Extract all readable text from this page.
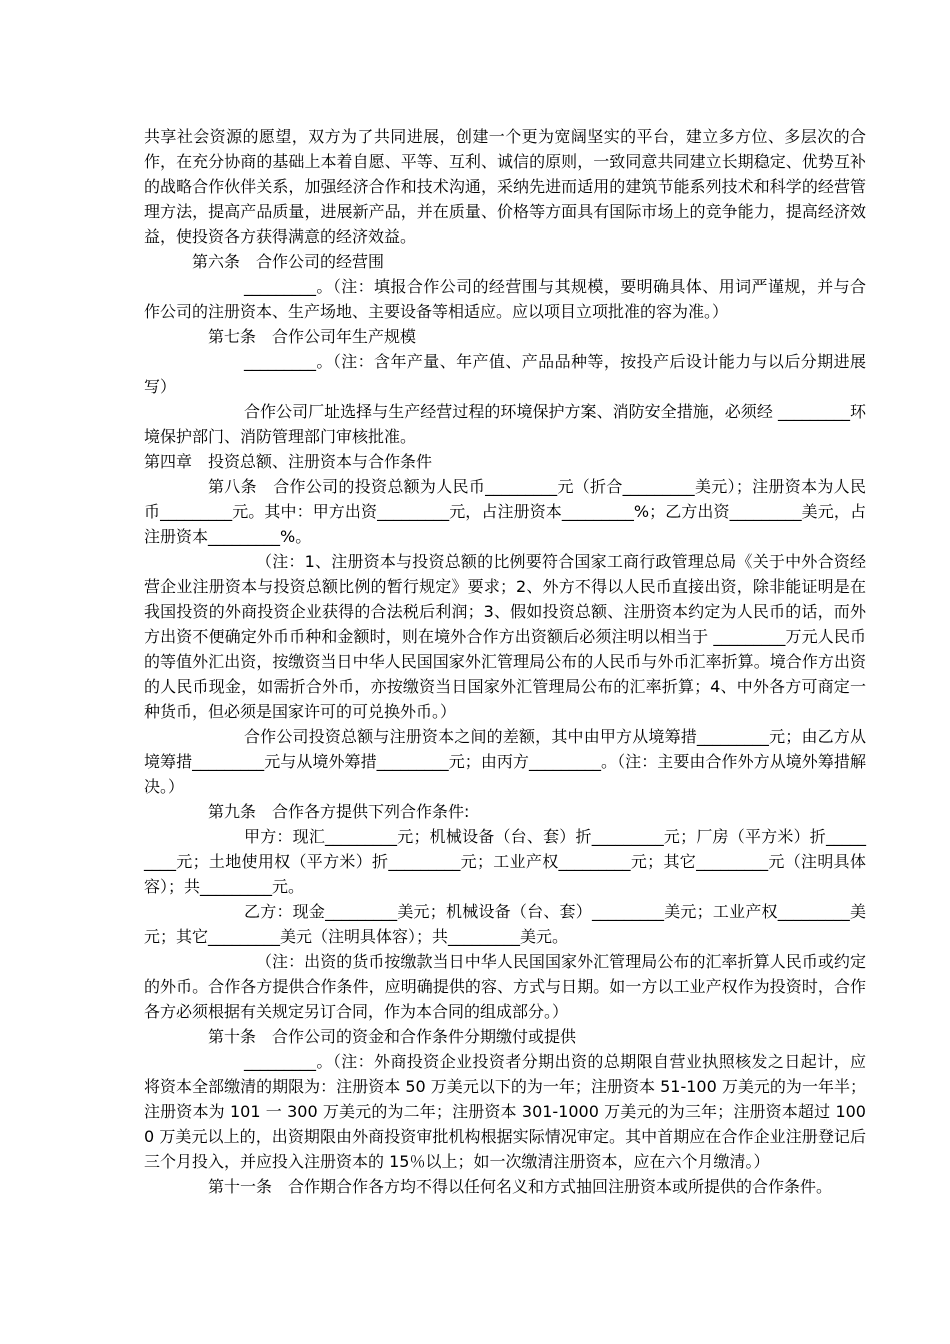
共享社会资源的愿望，双方为了共同进展，创建一个更为宽阔坚实的平台，建立多方位、多层次的合作，在充分协商的基础上本着自愿、平等、互利、诚信的原则，一致同意共同建立长期稳定、优势互补的战略合作伙伴关系，加强经济合作和技术沟通，采纳先进而适用的建筑节能系列技术和科学的经营管理方法，提高产品质量，进展新产品，并在质量、价格等方面具有国际市场上的竞争能力，提高经济效益，使投资各方获得满意的经济效益。

第六条　合作公司的经营围

_________。（注：填报合作公司的经营围与其规模，要明确具体、用词严谨规，并与合作公司的注册资本、生产场地、主要设备等相适应。应以项目立项批准的容为准。）

第七条　合作公司年生产规模

_________。（注：含年产量、年产值、产品品种等，按投产后设计能力与以后分期进展写）

合作公司厂址选择与生产经营过程的环境保护方案、消防安全措施，必须经 _________环境保护部门、消防管理部门审核批准。

第四章　投资总额、注册资本与合作条件

第八条　合作公司的投资总额为人民币_________元（折合_________美元）；注册资本为人民币_________元。其中：甲方出资_________元，占注册资本_________%；乙方出资_________美元，占注册资本_________%。

（注：1、注册资本与投资总额的比例要符合国家工商行政管理总局《关于中外合资经营企业注册资本与投资总额比例的暂行规定》要求；2、外方不得以人民币直接出资，除非能证明是在我国投资的外商投资企业获得的合法税后利润；3、假如投资总额、注册资本约定为人民币的话，而外方出资不便确定外币币种和金额时，则在境外合作方出资额后必须注明以相当于 _________万元人民币的等值外汇出资，按缴资当日中华人民国国家外汇管理局公布的人民币与外币汇率折算。境合作方出资的人民币现金，如需折合外币，亦按缴资当日国家外汇管理局公布的汇率折算；4、中外各方可商定一种货币，但必须是国家许可的可兑换外币。）

合作公司投资总额与注册资本之间的差额，其中由甲方从境筹措_________元；由乙方从境筹措_________元与从境外筹措_________元；由丙方_________。（注：主要由合作外方从境外筹措解决。）

第九条　合作各方提供下列合作条件:

甲方：现汇_________元；机械设备（台、套）折_________元；厂房（平方米）折_________元；土地使用权（平方米）折_________元；工业产权_________元；其它_________元（注明具体容）；共_________元。

乙方：现金_________美元；机械设备（台、套）_________美元；工业产权_________美元；其它_________美元（注明具体容）；共_________美元。

（注：出资的货币按缴款当日中华人民国国家外汇管理局公布的汇率折算人民币或约定的外币。合作各方提供合作条件，应明确提供的容、方式与日期。如一方以工业产权作为投资时，合作各方必须根据有关规定另订合同，作为本合同的组成部分。）

第十条　合作公司的资金和合作条件分期缴付或提供

_________。（注：外商投资企业投资者分期出资的总期限自营业执照核发之日起计，应将资本全部缴清的期限为：注册资本 50 万美元以下的为一年；注册资本 51-100 万美元的为一年半；注册资本为 101 一 300 万美元的为二年；注册资本 301-1000 万美元的为三年；注册资本超过 1000 万美元以上的，出资期限由外商投资审批机构根据实际情况审定。其中首期应在合作企业注册登记后三个月投入，并应投入注册资本的 15％以上；如一次缴清注册资本，应在六个月缴清。）

第十一条　合作期合作各方均不得以任何名义和方式抽回注册资本或所提供的合作条件。
